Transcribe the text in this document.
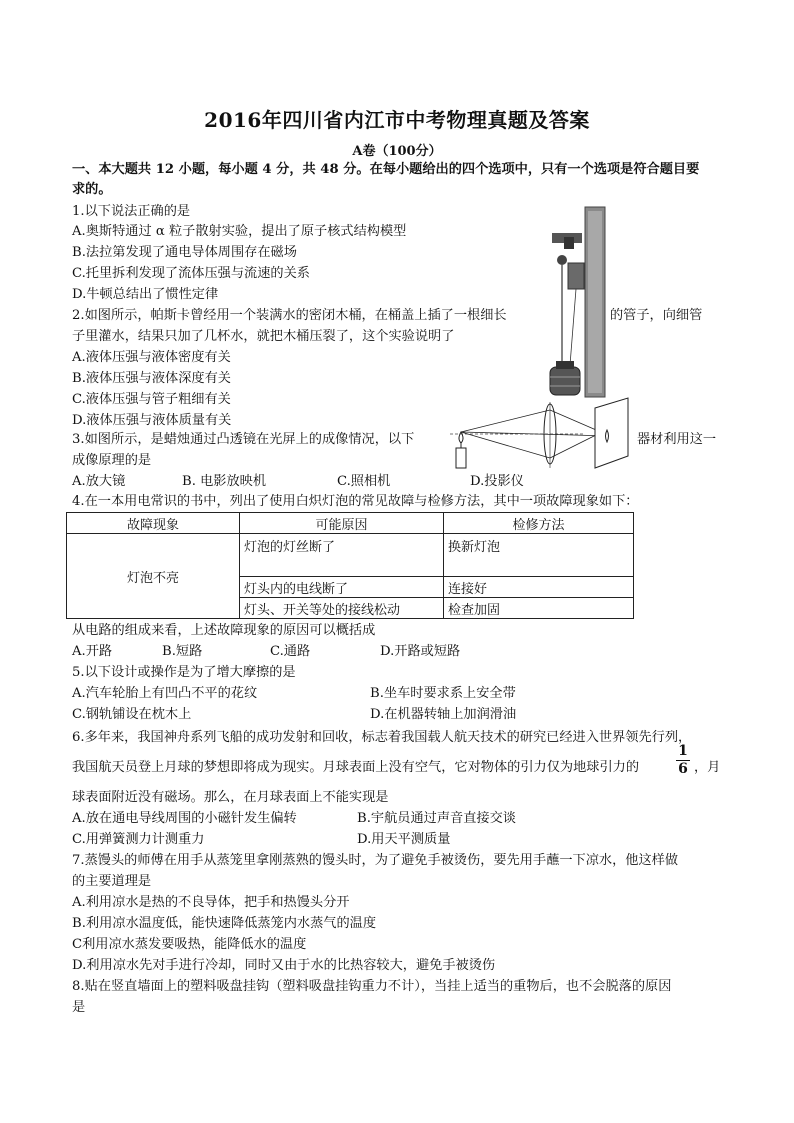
2016年四川省内江市中考物理真题及答案
A卷（100分）
一、本大题共 12 小题，每小题 4 分，共 48 分。在每小题给出的四个选项中，只有一个选项是符合题目要
求的。
1.以下说法正确的是
A.奥斯特通过 α 粒子散射实验，提出了原子核式结构模型
B.法拉第发现了通电导体周围存在磁场
C.托里拆利发现了流体压强与流速的关系
D.牛顿总结出了惯性定律
2.如图所示，帕斯卡曾经用一个装满水的密闭木桶，在桶盖上插了一根细长	的管子，向细管
子里灌水，结果只加了几杯水，就把木桶压裂了，这个实验说明了
A.液体压强与液体密度有关
B.液体压强与液体深度有关
C.液体压强与管子粗细有关
D.液体压强与液体质量有关
3.如图所示，是蜡烛通过凸透镜在光屏上的成像情况，以下	器材利用这一
成像原理的是
A.放大镜	B. 电影放映机	C.照相机	D.投影仪
4.在一本用电常识的书中，列出了使用白炽灯泡的常见故障与检修方法，其中一项故障现象如下：
故障现象	可能原因	检修方法
灯泡不亮	灯泡的灯丝断了	换新灯泡
	灯头内的电线断了	连接好
	灯头、开关等处的接线松动	检查加固
从电路的组成来看，上述故障现象的原因可以概括成
A.开路	B.短路	C.通路	D.开路或短路
5.以下设计或操作是为了增大摩擦的是
A.汽车轮胎上有凹凸不平的花纹	B.坐车时要求系上安全带
C.钢轨铺设在枕木上	D.在机器转轴上加润滑油
6.多年来，我国神舟系列飞船的成功发射和回收，标志着我国载人航天技术的研究已经进入世界领先行列，
我国航天员登上月球的梦想即将成为现实。月球表面上没有空气，它对物体的引力仅为地球引力的
1
6 ，月
球表面附近没有磁场。那么，在月球表面上不能实现是
A.放在通电导线周围的小磁针发生偏转	B.宇航员通过声音直接交谈
C.用弹簧测力计测重力	D.用天平测质量
7.蒸馒头的师傅在用手从蒸笼里拿刚蒸熟的馒头时，为了避免手被烫伤，要先用手蘸一下凉水，他这样做
的主要道理是
A.利用凉水是热的不良导体，把手和热馒头分开
B.利用凉水温度低，能快速降低蒸笼内水蒸气的温度
C利用凉水蒸发要吸热，能降低水的温度
D.利用凉水先对手进行冷却，同时又由于水的比热容较大，避免手被烫伤
8.贴在竖直墙面上的塑料吸盘挂钩（塑料吸盘挂钩重力不计），当挂上适当的重物后，也不会脱落的原因
是
